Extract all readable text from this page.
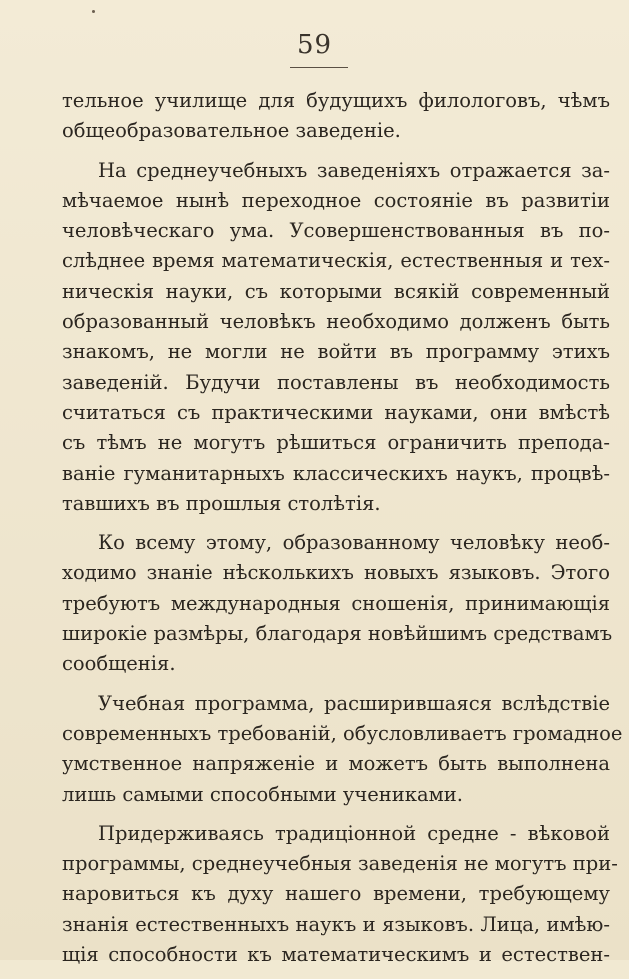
59
тельное училище для будущихъ филологовъ, чѣмъ
общеобразовательное заведеніе.
На среднеучебныхъ заведеніяхъ отражается за-
мѣчаемое нынѣ переходное состояніе въ развитіи
человѣческаго ума. Усовершенствованныя въ по-
слѣднее время математическія, естественныя и тех-
ническія науки, съ которыми всякій современный
образованный человѣкъ необходимо долженъ быть
знакомъ, не могли не войти въ программу этихъ
заведеній. Будучи поставлены въ необходимость
считаться съ практическими науками, они вмѣстѣ
съ тѣмъ не могутъ рѣшиться ограничить препода-
ваніе гуманитарныхъ классическихъ наукъ, процвѣ-
тавшихъ въ прошлыя столѣтія.
Ко всему этому, образованному человѣку необ-
ходимо знаніе нѣсколькихъ новыхъ языковъ. Этого
требуютъ международныя сношенія, принимающія
широкіе размѣры, благодаря новѣйшимъ средствамъ
сообщенія.
Учебная программа, расширившаяся вслѣдствіе
современныхъ требованій, обусловливаетъ громадное
умственное напряженіе и можетъ быть выполнена
лишь самыми способными учениками.
Придерживаясь традиціонной средне - вѣковой
программы, среднеучебныя заведенія не могутъ при-
наровиться къ духу нашего времени, требующему
знанія естественныхъ наукъ и языковъ. Лица, имѣю-
щія способности къ математическимъ и естествен-
